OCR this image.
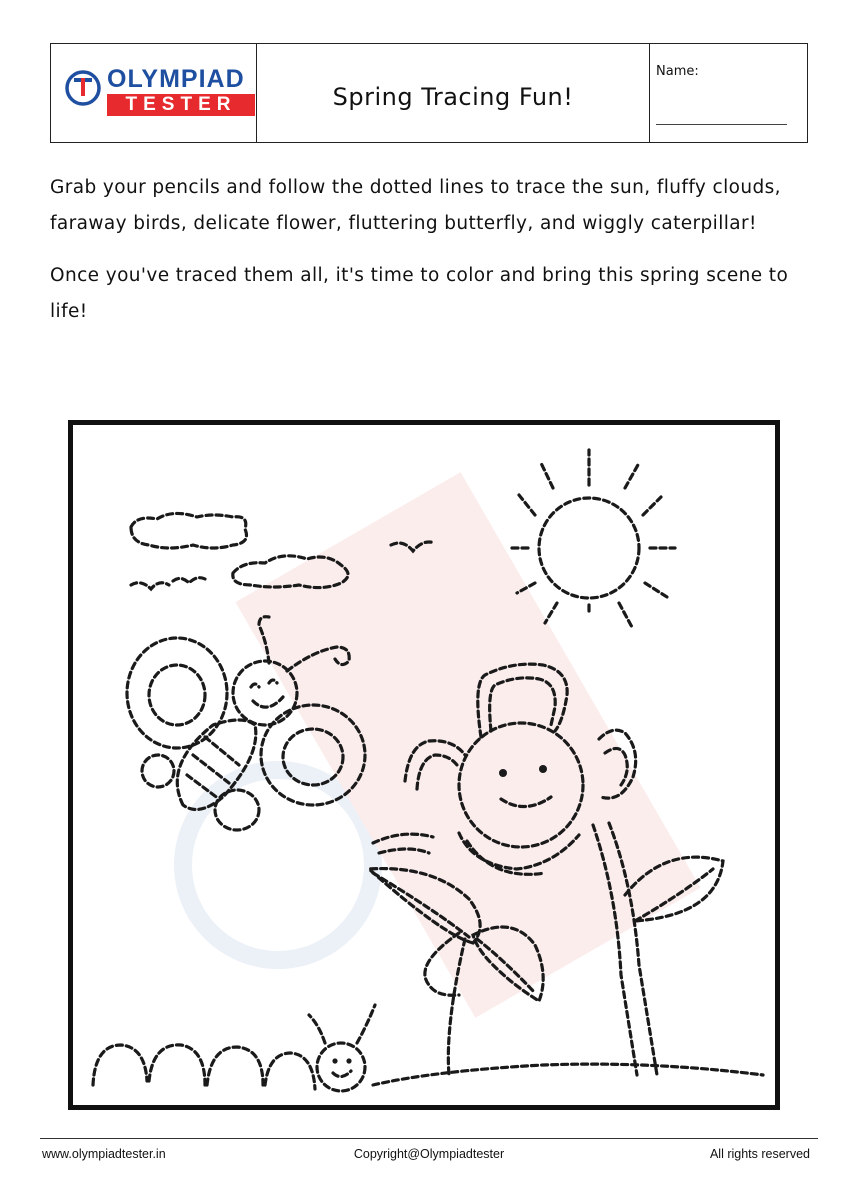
OLYMPIAD
TESTER	Spring Tracing Fun!
Name:

Grab your pencils and follow the dotted lines to trace the sun, fluffy clouds, faraway birds, delicate flower, fluttering butterfly, and wiggly caterpillar!

Once you've traced them all, it's time to color and bring this spring scene to life!

www.olympiadtester.in	Copyright@Olympiadtester	All rights reserved
